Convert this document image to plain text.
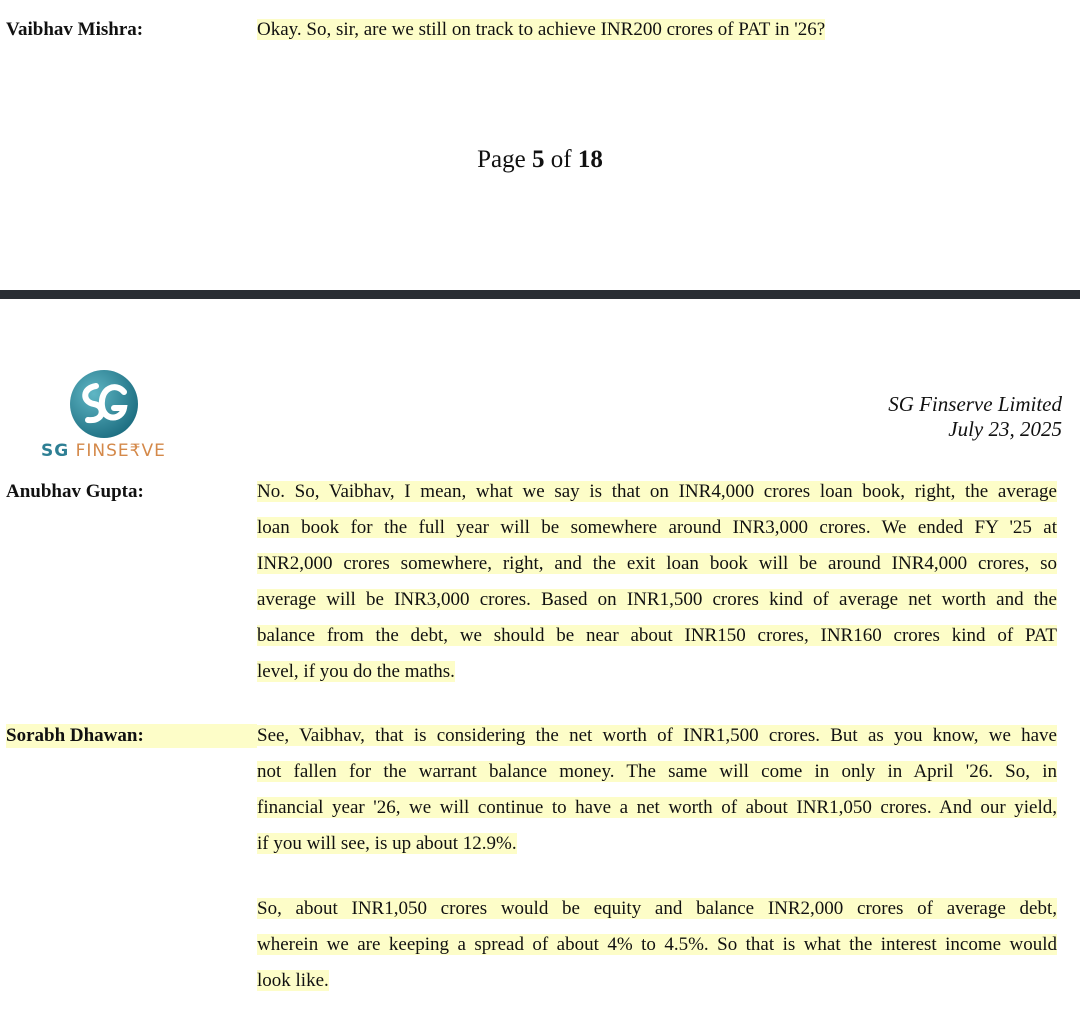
Vaibhav Mishra:	Okay. So, sir, are we still on track to achieve INR200 crores of PAT in '26?
Page 5 of 18
SG FINSE₹VE
SG Finserve Limited
July 23, 2025
Anubhav Gupta:	No. So, Vaibhav, I mean, what we say is that on INR4,000 crores loan book, right, the average
loan book for the full year will be somewhere around INR3,000 crores. We ended FY '25 at
INR2,000 crores somewhere, right, and the exit loan book will be around INR4,000 crores, so
average will be INR3,000 crores. Based on INR1,500 crores kind of average net worth and the
balance from the debt, we should be near about INR150 crores, INR160 crores kind of PAT
level, if you do the maths.
Sorabh Dhawan:	See, Vaibhav, that is considering the net worth of INR1,500 crores. But as you know, we have
not fallen for the warrant balance money. The same will come in only in April '26. So, in
financial year '26, we will continue to have a net worth of about INR1,050 crores. And our yield,
if you will see, is up about 12.9%.
So, about INR1,050 crores would be equity and balance INR2,000 crores of average debt,
wherein we are keeping a spread of about 4% to 4.5%. So that is what the interest income would
look like.
